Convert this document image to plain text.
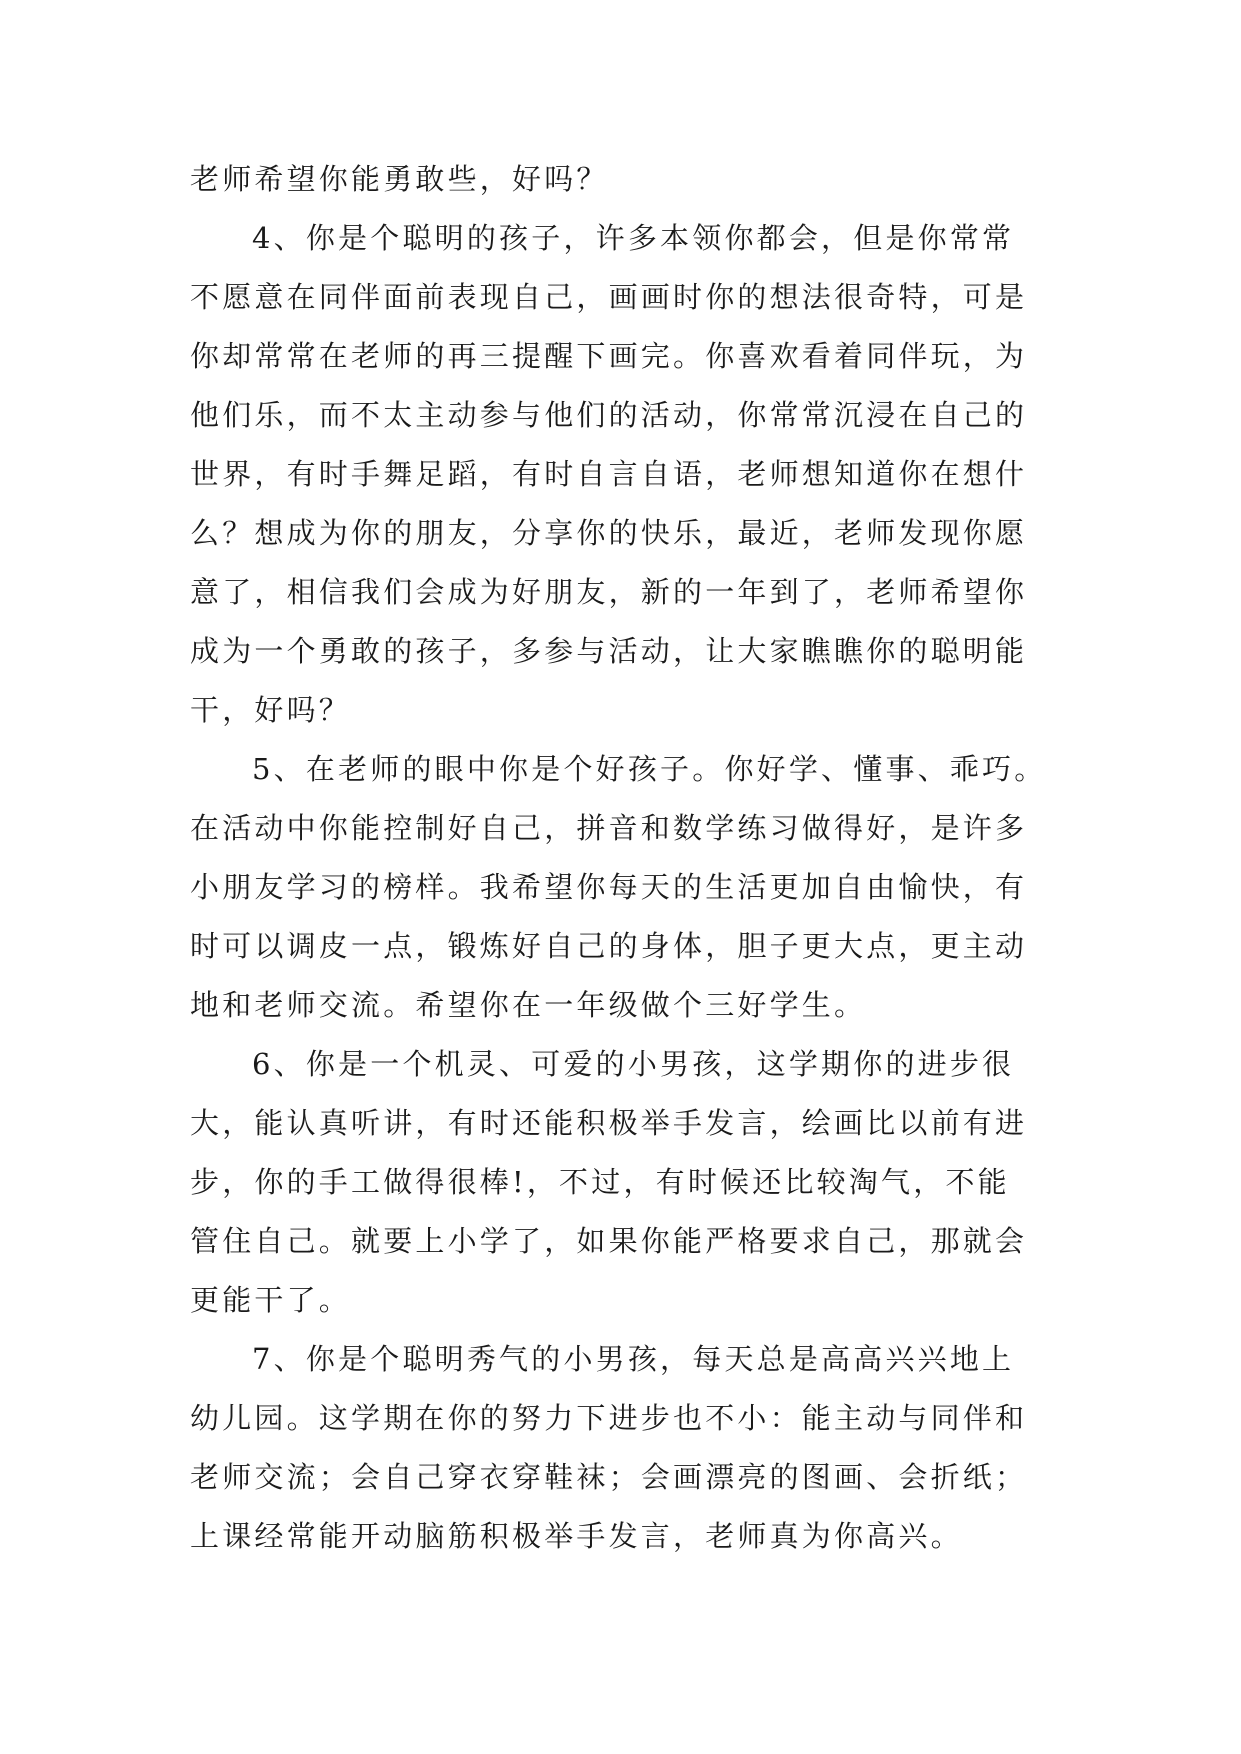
老师希望你能勇敢些，好吗？
4、你是个聪明的孩子，许多本领你都会，但是你常常
不愿意在同伴面前表现自己，画画时你的想法很奇特，可是
你却常常在老师的再三提醒下画完。你喜欢看着同伴玩，为
他们乐，而不太主动参与他们的活动，你常常沉浸在自己的
世界，有时手舞足蹈，有时自言自语，老师想知道你在想什
么？想成为你的朋友，分享你的快乐，最近，老师发现你愿
意了，相信我们会成为好朋友，新的一年到了，老师希望你
成为一个勇敢的孩子，多参与活动，让大家瞧瞧你的聪明能
干，好吗？
5、在老师的眼中你是个好孩子。你好学、懂事、乖巧。
在活动中你能控制好自己，拼音和数学练习做得好，是许多
小朋友学习的榜样。我希望你每天的生活更加自由愉快，有
时可以调皮一点，锻炼好自己的身体，胆子更大点，更主动
地和老师交流。希望你在一年级做个三好学生。
6、你是一个机灵、可爱的小男孩，这学期你的进步很
大，能认真听讲，有时还能积极举手发言，绘画比以前有进
步，你的手工做得很棒!，不过，有时候还比较淘气，不能
管住自己。就要上小学了，如果你能严格要求自己，那就会
更能干了。
7、你是个聪明秀气的小男孩，每天总是高高兴兴地上
幼儿园。这学期在你的努力下进步也不小：能主动与同伴和
老师交流；会自己穿衣穿鞋袜；会画漂亮的图画、会折纸；
上课经常能开动脑筋积极举手发言，老师真为你高兴。
